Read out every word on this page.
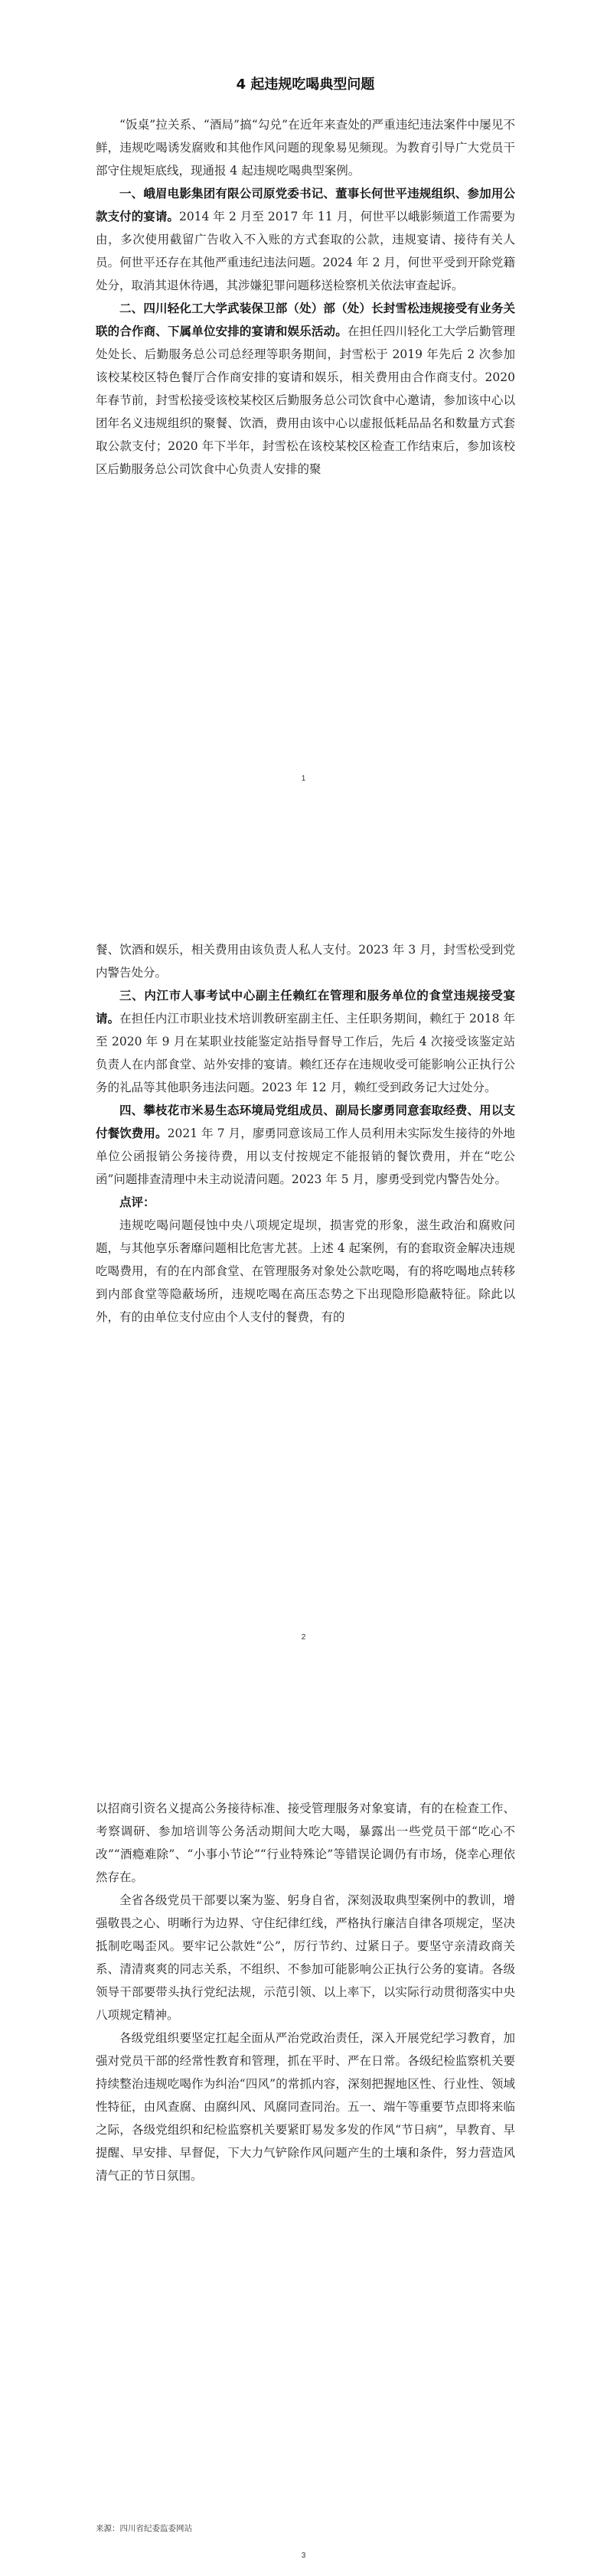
4 起违规吃喝典型问题

“饭桌”拉关系、“酒局”搞“勾兑”在近年来查处的严重违纪违法案件中屡见不鲜，违规吃喝诱发腐败和其他作风问题的现象易见频现。为教育引导广大党员干部守住规矩底线，现通报 4 起违规吃喝典型案例。

一、峨眉电影集团有限公司原党委书记、董事长何世平违规组织、参加用公款支付的宴请。2014 年 2 月至 2017 年 11 月，何世平以峨影频道工作需要为由，多次使用截留广告收入不入账的方式套取的公款，违规宴请、接待有关人员。何世平还存在其他严重违纪违法问题。2024 年 2 月，何世平受到开除党籍处分，取消其退休待遇，其涉嫌犯罪问题移送检察机关依法审查起诉。

二、四川轻化工大学武装保卫部（处）部（处）长封雪松违规接受有业务关联的合作商、下属单位安排的宴请和娱乐活动。在担任四川轻化工大学后勤管理处处长、后勤服务总公司总经理等职务期间，封雪松于 2019 年先后 2 次参加该校某校区特色餐厅合作商安排的宴请和娱乐，相关费用由合作商支付。2020 年春节前，封雪松接受该校某校区后勤服务总公司饮食中心邀请，参加该中心以团年名义违规组织的聚餐、饮酒，费用由该中心以虚报低耗品品名和数量方式套取公款支付；2020 年下半年，封雪松在该校某校区检查工作结束后，参加该校区后勤服务总公司饮食中心负责人安排的聚

1

餐、饮酒和娱乐，相关费用由该负责人私人支付。2023 年 3 月，封雪松受到党内警告处分。

三、内江市人事考试中心副主任赖红在管理和服务单位的食堂违规接受宴请。在担任内江市职业技术培训教研室副主任、主任职务期间，赖红于 2018 年至 2020 年 9 月在某职业技能鉴定站指导督导工作后，先后 4 次接受该鉴定站负责人在内部食堂、站外安排的宴请。赖红还存在违规收受可能影响公正执行公务的礼品等其他职务违法问题。2023 年 12 月，赖红受到政务记大过处分。

四、攀枝花市米易生态环境局党组成员、副局长廖勇同意套取经费、用以支付餐饮费用。2021 年 7 月，廖勇同意该局工作人员利用未实际发生接待的外地单位公函报销公务接待费，用以支付按规定不能报销的餐饮费用，并在“吃公函”问题排查清理中未主动说清问题。2023 年 5 月，廖勇受到党内警告处分。

点评：

违规吃喝问题侵蚀中央八项规定堤坝，损害党的形象，滋生政治和腐败问题，与其他享乐奢靡问题相比危害尤甚。上述 4 起案例，有的套取资金解决违规吃喝费用，有的在内部食堂、在管理服务对象处公款吃喝，有的将吃喝地点转移到内部食堂等隐蔽场所，违规吃喝在高压态势之下出现隐形隐蔽特征。除此以外，有的由单位支付应由个人支付的餐费，有的

2

以招商引资名义提高公务接待标准、接受管理服务对象宴请，有的在检查工作、考察调研、参加培训等公务活动期间大吃大喝，暴露出一些党员干部“吃心不改”“酒瘾难除”、“小事小节论”“行业特殊论”等错误论调仍有市场，侥幸心理依然存在。

全省各级党员干部要以案为鉴、躬身自省，深刻汲取典型案例中的教训，增强敬畏之心、明晰行为边界、守住纪律红线，严格执行廉洁自律各项规定，坚决抵制吃喝歪风。要牢记公款姓“公”，厉行节约、过紧日子。要坚守亲清政商关系、清清爽爽的同志关系，不组织、不参加可能影响公正执行公务的宴请。各级领导干部要带头执行党纪法规，示范引领、以上率下，以实际行动贯彻落实中央八项规定精神。

各级党组织要坚定扛起全面从严治党政治责任，深入开展党纪学习教育，加强对党员干部的经常性教育和管理，抓在平时、严在日常。各级纪检监察机关要持续整治违规吃喝作为纠治“四风”的常抓内容，深刻把握地区性、行业性、领域性特征，由风查腐、由腐纠风、风腐同查同治。五一、端午等重要节点即将来临之际，各级党组织和纪检监察机关要紧盯易发多发的作风“节日病”，早教育、早提醒、早安排、早督促，下大力气铲除作风问题产生的土壤和条件，努力营造风清气正的节日氛围。

来源：四川省纪委监委网站
3
